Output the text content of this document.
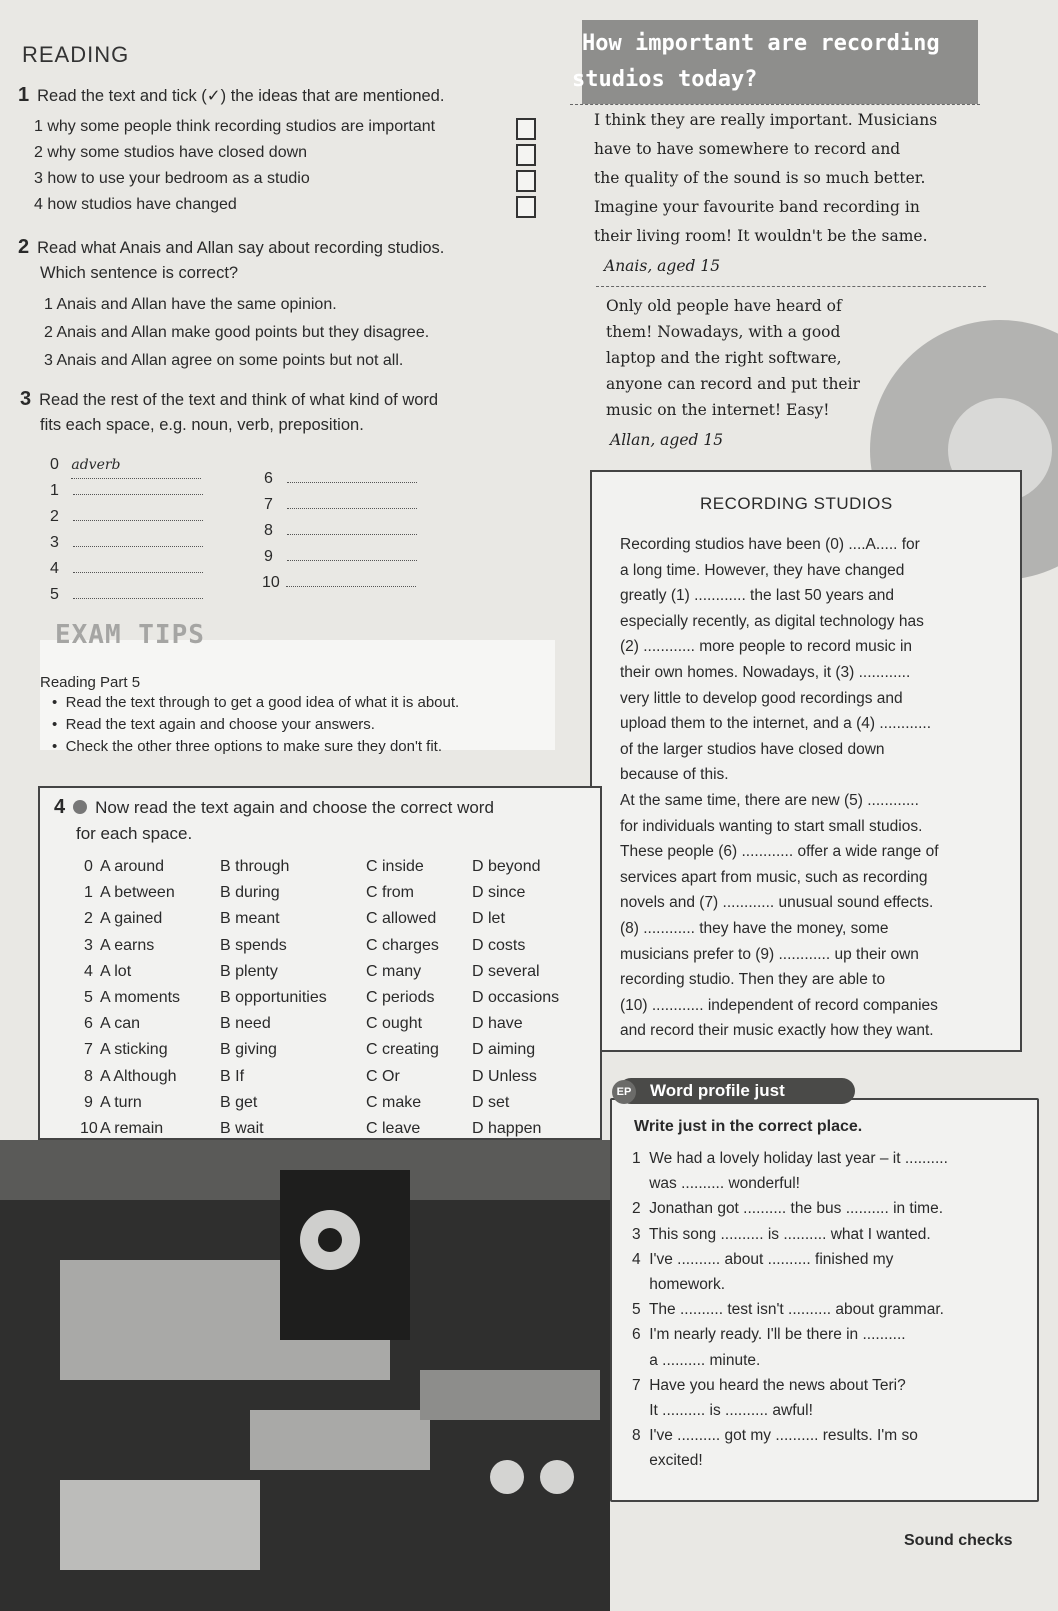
READING
1 Read the text and tick (✓) the ideas that are mentioned.
1 why some people think recording studios are important
2 why some studios have closed down
3 how to use your bedroom as a studio
4 how studios have changed
2 Read what Anais and Allan say about recording studios.
Which sentence is correct?
1 Anais and Allan have the same opinion.
2 Anais and Allan make good points but they disagree.
3 Anais and Allan agree on some points but not all.
3 Read the rest of the text and think of what kind of word
fits each space, e.g. noun, verb, preposition.
0 adverb
1
2
3
4
5
6
7
8
9
10
EXAM TIPS
Reading Part 5
•  Read the text through to get a good idea of what it is about.
•  Read the text again and choose your answers.
•  Check the other three options to make sure they don't fit.
How important are recording
studios today?
I think they are really important. Musicians
have to have somewhere to record and
the quality of the sound is so much better.
Imagine your favourite band recording in
their living room! It wouldn't be the same.
Anais, aged 15
Only old people have heard of
them! Nowadays, with a good
laptop and the right software,
anyone can record and put their
music on the internet! Easy!
Allan, aged 15
RECORDING STUDIOS
Recording studios have been (0) ....A..... for
a long time. However, they have changed
greatly (1) ............ the last 50 years and
especially recently, as digital technology has
(2) ............ more people to record music in
their own homes. Nowadays, it (3) ............
very little to develop good recordings and
upload them to the internet, and a (4) ............
of the larger studios have closed down
because of this.
At the same time, there are new (5) ............
for individuals wanting to start small studios.
These people (6) ............ offer a wide range of
services apart from music, such as recording
novels and (7) ............ unusual sound effects.
(8) ............ they have the money, some
musicians prefer to (9) ............ up their own
recording studio. Then they are able to
(10) ............ independent of record companies
and record their music exactly how they want.
4 Now read the text again and choose the correct word
for each space.
0 A around	B through	C inside	D beyond
1 A between	B during	C from	D since
2 A gained	B meant	C allowed D let
3 A earns	B spends	C charges D costs
4 A lot	B plenty	C many	D several
5 A moments B opportunities C periods D occasions
6 A can	B need	C ought	D have
7 A sticking	B giving	C creating D aiming
8 A Although	B If	C Or	D Unless
9 A turn	B get	C make	D set
10 A remain	B wait	C leave	D happen
Word profile just
EP
Write just in the correct place.
1  We had a lovely holiday last year – it ..........
was .......... wonderful!
2  Jonathan got .......... the bus .......... in time.
3  This song .......... is .......... what I wanted.
4  I've .......... about .......... finished my
homework.
5  The .......... test isn't .......... about grammar.
6  I'm nearly ready. I'll be there in ..........
a .......... minute.
7  Have you heard the news about Teri?
It .......... is .......... awful!
8  I've .......... got my .......... results. I'm so
excited!
Sound checks
